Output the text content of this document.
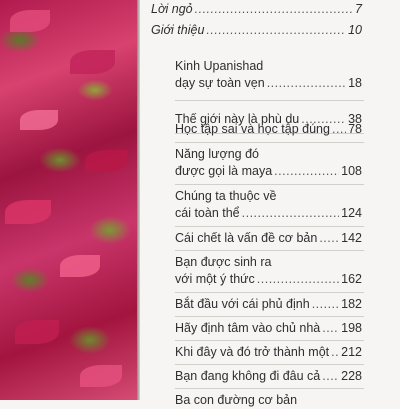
Lời ngỏ .....	7
Giới thiệu .....	10
Kinh Upanishad
dạy sự toàn vẹn .....	18
Thế giới này là phù du .....	38
Học tập sai và học tập đúng ..... 78
Năng lượng đó
được gọi là maya .....	108
Chúng ta thuộc về
cái toàn thể .....	124
Cái chết là vấn đề cơ bản ..... 142
Bạn được sinh ra
với một ý thức .....	162
Bắt đầu với cái phủ định .....	182
Hãy định tâm vào chủ nhà ..... 198
Khi đây và đó trở thành một ..... 212
Bạn đang không đi đâu cả ..... 228
Ba con đường cơ bản
